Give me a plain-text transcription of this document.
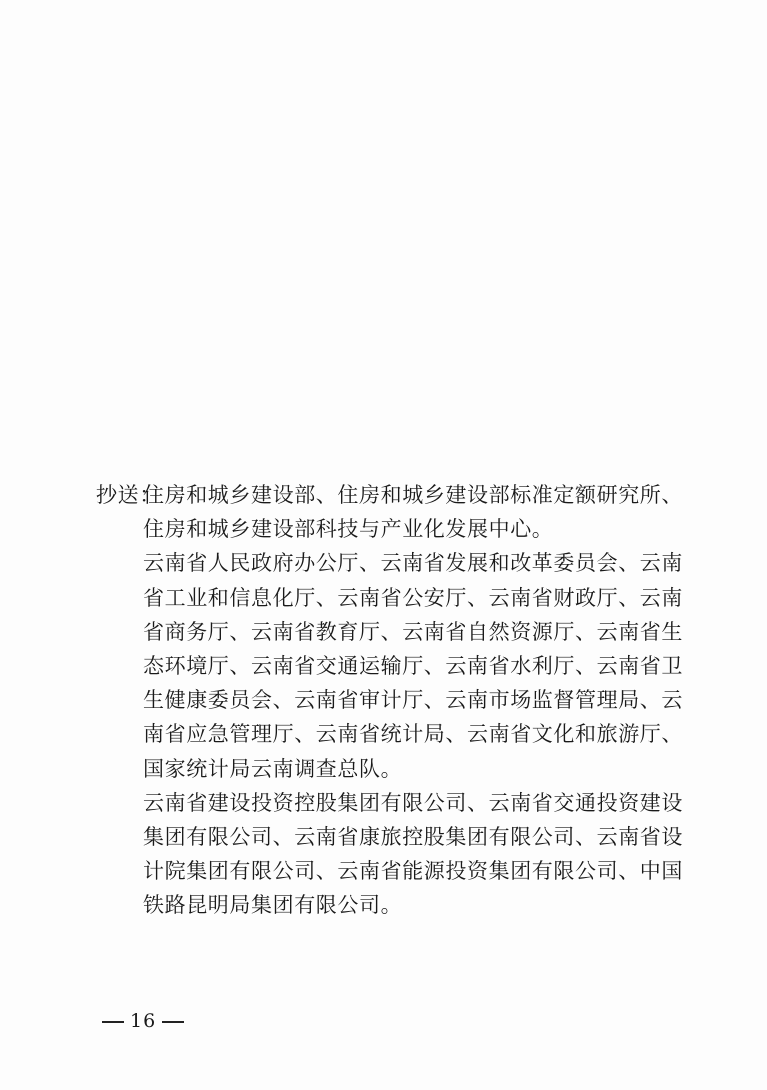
抄送：
住房和城乡建设部、住房和城乡建设部标准定额研究所、
住房和城乡建设部科技与产业化发展中心。
云南省人民政府办公厅、云南省发展和改革委员会、云南
省工业和信息化厅、云南省公安厅、云南省财政厅、云南
省商务厅、云南省教育厅、云南省自然资源厅、云南省生
态环境厅、云南省交通运输厅、云南省水利厅、云南省卫
生健康委员会、云南省审计厅、云南市场监督管理局、云
南省应急管理厅、云南省统计局、云南省文化和旅游厅、
国家统计局云南调查总队。
云南省建设投资控股集团有限公司、云南省交通投资建设
集团有限公司、云南省康旅控股集团有限公司、云南省设
计院集团有限公司、云南省能源投资集团有限公司、中国
铁路昆明局集团有限公司。
16
